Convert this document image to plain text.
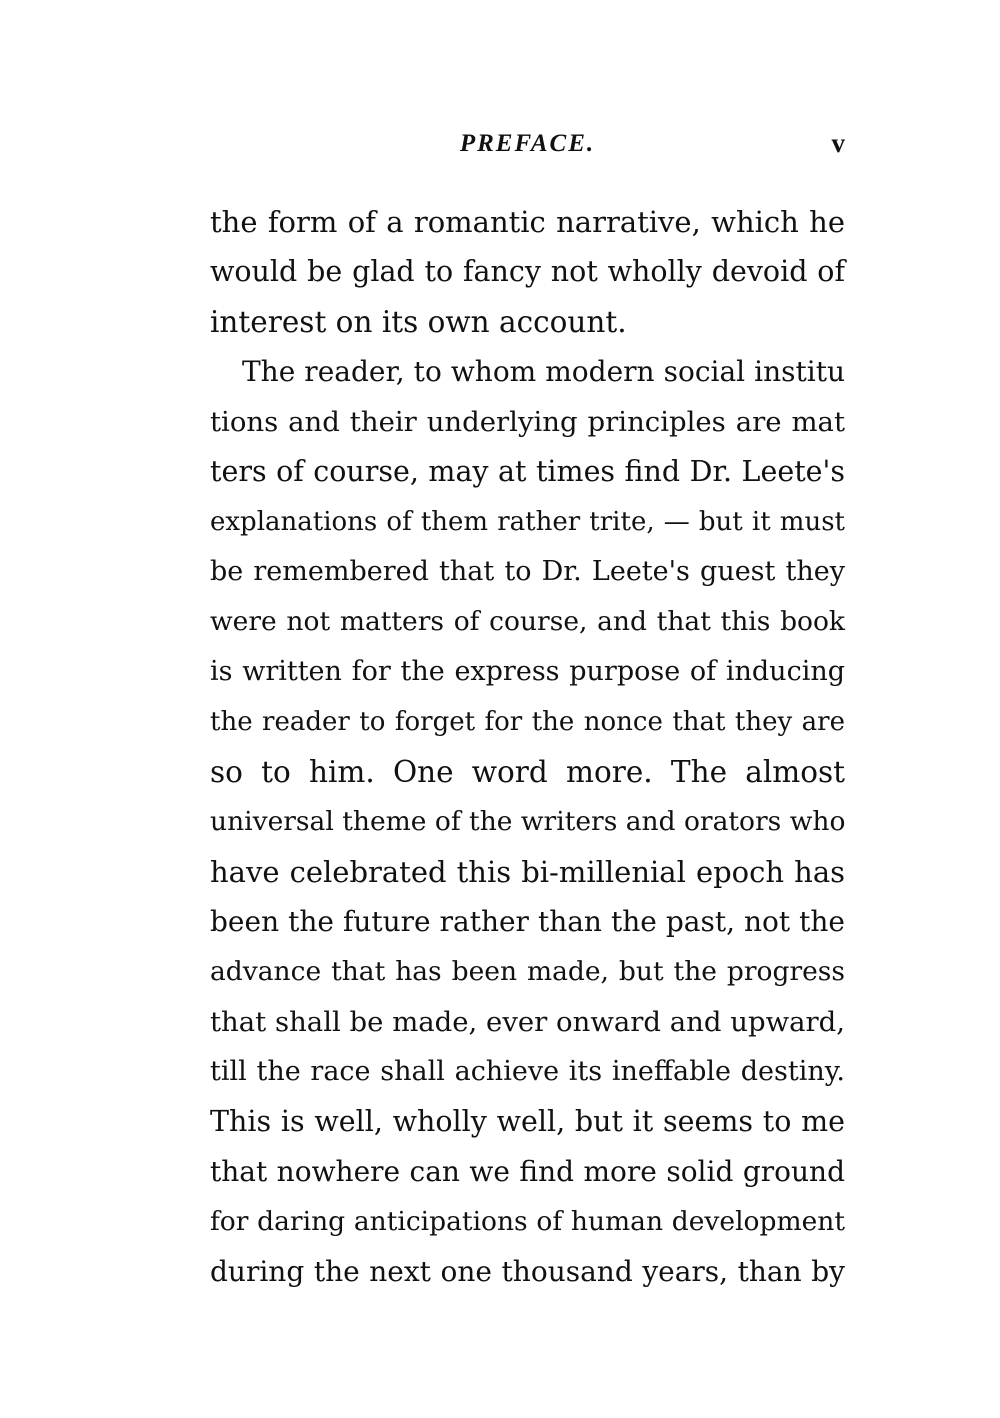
PREFACE.	v
the form of a romantic narrative, which he
would be glad to fancy not wholly devoid of
interest on its own account.
The reader, to whom modern social institu
tions and their underlying principles are mat
ters of course, may at times find Dr. Leete's
explanations of them rather trite, — but it must
be remembered that to Dr. Leete's guest they
were not matters of course, and that this book
is written for the express purpose of inducing
the reader to forget for the nonce that they are
so to him. One word more. The almost
universal theme of the writers and orators who
have celebrated this bi-millenial epoch has
been the future rather than the past, not the
advance that has been made, but the progress
that shall be made, ever onward and upward,
till the race shall achieve its ineffable destiny.
This is well, wholly well, but it seems to me
that nowhere can we find more solid ground
for daring anticipations of human development
during the next one thousand years, than by
